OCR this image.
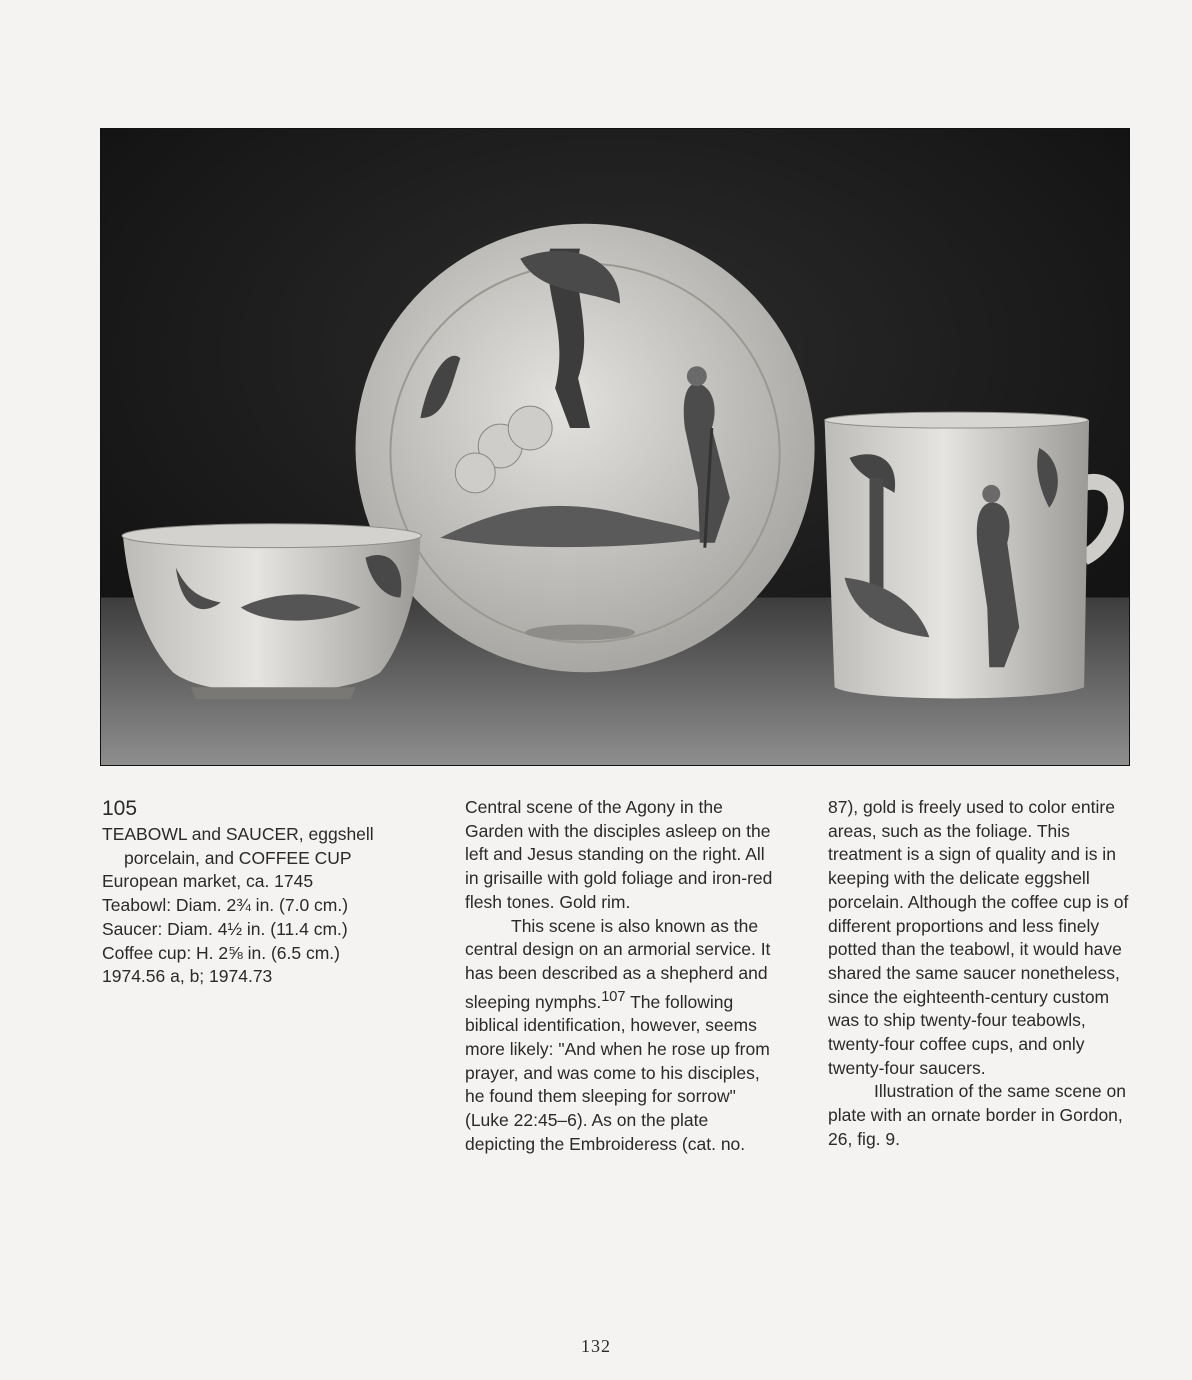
105
TEABOWL and SAUCER, eggshell
porcelain, and COFFEE CUP
European market, ca. 1745
Teabowl: Diam. 2¾ in. (7.0 cm.)
Saucer: Diam. 4½ in. (11.4 cm.)
Coffee cup: H. 2⅝ in. (6.5 cm.)
1974.56 a, b; 1974.73

Central scene of the Agony in the Garden with the disciples asleep on the left and Jesus standing on the right. All in grisaille with gold foliage and iron-red flesh tones. Gold rim.

This scene is also known as the central design on an armorial service. It has been described as a shepherd and sleeping nymphs.$^{107}$ The following biblical identification, however, seems more likely: "And when he rose up from prayer, and was come to his disciples, he found them sleeping for sorrow" (Luke 22:45–6). As on the plate depicting the Embroideress (cat. no.

87), gold is freely used to color entire areas, such as the foliage. This treatment is a sign of quality and is in keeping with the delicate eggshell porcelain. Although the coffee cup is of different proportions and less finely potted than the teabowl, it would have shared the same saucer nonetheless, since the eighteenth-century custom was to ship twenty-four teabowls, twenty-four coffee cups, and only twenty-four saucers.

Illustration of the same scene on plate with an ornate border in Gordon, 26, fig. 9.

132
